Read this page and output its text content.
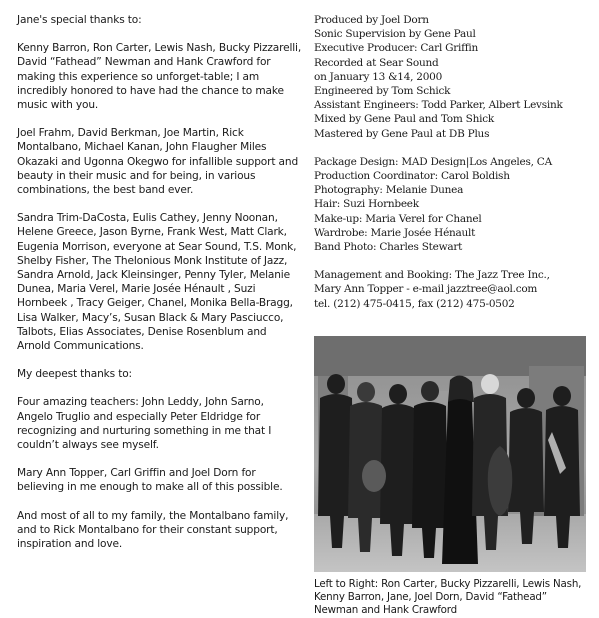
Jane's special thanks to:

Kenny Barron, Ron Carter, Lewis Nash, Bucky Pizzarelli, David “Fathead” Newman and Hank Crawford for making this experience so unforget-table; I am incredibly honored to have had the chance to make music with you.

Joel Frahm, David Berkman, Joe Martin, Rick Montalbano, Michael Kanan, John Flaugher Miles Okazaki and Ugonna Okegwo for infallible support and beauty in their music and for being, in various combinations, the best band ever.

Sandra Trim-DaCosta, Eulis Cathey, Jenny Noonan, Helene Greece, Jason Byrne, Frank West, Matt Clark, Eugenia Morrison, everyone at Sear Sound, T.S. Monk, Shelby Fisher, The Thelonious Monk Institute of Jazz, Sandra Arnold, Jack Kleinsinger, Penny Tyler, Melanie Dunea, Maria Verel, Marie Josée Hénault , Suzi Hornbeek , Tracy Geiger, Chanel, Monika Bella-Bragg, Lisa Walker, Macy’s, Susan Black & Mary Pasciucco, Talbots, Elias Associates, Denise Rosenblum and Arnold Communications.

My deepest thanks to:

Four amazing teachers: John Leddy, John Sarno, Angelo Truglio and especially Peter Eldridge for recognizing and nurturing something in me that I couldn’t always see myself.

Mary Ann Topper, Carl Griffin and Joel Dorn for believing in me enough to make all of this possible.

And most of all to my family, the Montalbano family, and to Rick Montalbano for their constant support, inspiration and love.

Produced by Joel Dorn
Sonic Supervision by Gene Paul
Executive Producer: Carl Griffin
Recorded at Sear Sound
on January 13 &14, 2000
Engineered by Tom Schick
Assistant Engineers: Todd Parker, Albert Levsink
Mixed by Gene Paul and Tom Shick
Mastered by Gene Paul at DB Plus
Package Design: MAD Design|Los Angeles, CA
Production Coordinator: Carol Boldish
Photography: Melanie Dunea
Hair: Suzi Hornbeek
Make-up: Maria Verel for Chanel
Wardrobe: Marie Josée Hénault
Band Photo: Charles Stewart
Management and Booking: The Jazz Tree Inc.,
Mary Ann Topper - e-mail jazztree@aol.com
tel. (212) 475-0415, fax (212) 475-0502
Left to Right: Ron Carter, Bucky Pizzarelli, Lewis Nash, Kenny Barron, Jane, Joel Dorn, David “Fathead” Newman and Hank Crawford
